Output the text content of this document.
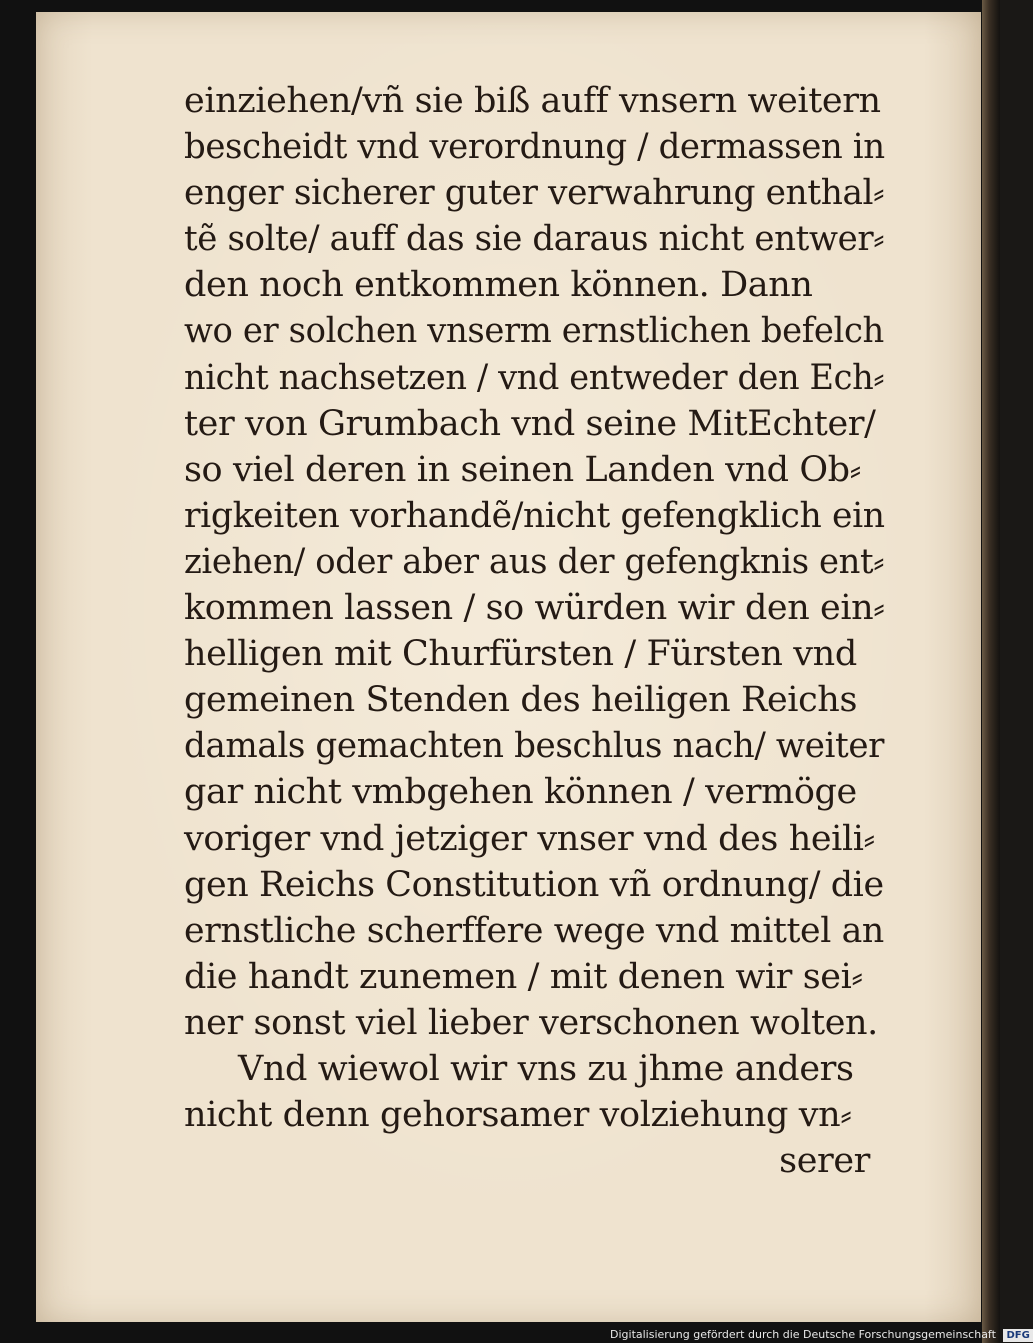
einziehen/vñ sie biß auff vnsern weitern
bescheidt vnd verordnung / dermassen in
enger sicherer guter verwahrung enthal⸗
tẽ solte/ auff das sie daraus nicht entwer⸗
den noch entkommen können. Dann
wo er solchen vnserm ernstlichen befelch
nicht nachsetzen / vnd entweder den Ech⸗
ter von Grumbach vnd seine MitEchter/
so viel deren in seinen Landen vnd Ob⸗
rigkeiten vorhandẽ/nicht gefengklich ein
ziehen/ oder aber aus der gefengknis ent⸗
kommen lassen / so würden wir den ein⸗
helligen mit Churfürsten / Fürsten vnd
gemeinen Stenden des heiligen Reichs
damals gemachten beschlus nach/ weiter
gar nicht vmbgehen können / vermöge
voriger vnd jetziger vnser vnd des heili⸗
gen Reichs Constitution vñ ordnung/ die
ernstliche scherffere wege vnd mittel an
die handt zunemen / mit denen wir sei⸗
ner sonst viel lieber verschonen wolten.
Vnd wiewol wir vns zu jhme anders
nicht denn gehorsamer volziehung vn⸗
serer
Digitalisierung gefördert durch die Deutsche Forschungsgemeinschaft DFG
